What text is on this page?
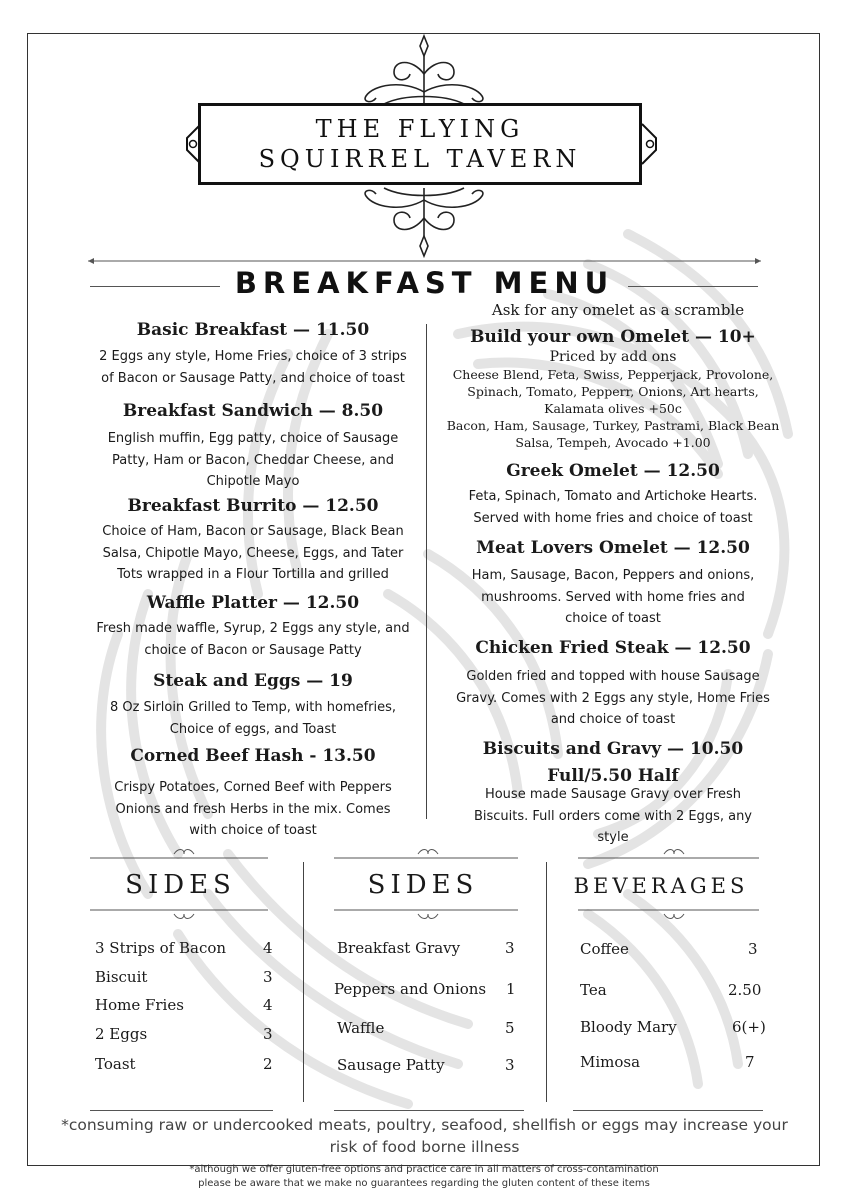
THE FLYING
SQUIRREL TAVERN
BREAKFAST MENU
Ask for any omelet as a scramble
Basic Breakfast — 11.50
2 Eggs any style, Home Fries, choice of 3 strips
of Bacon or Sausage Patty, and choice of toast
Breakfast Sandwich — 8.50
English muffin, Egg patty, choice of Sausage
Patty, Ham or Bacon, Cheddar Cheese, and
Chipotle Mayo
Breakfast Burrito — 12.50
Choice of Ham, Bacon or Sausage, Black Bean
Salsa, Chipotle Mayo, Cheese, Eggs, and Tater
Tots wrapped in a Flour Tortilla and grilled
Waffle Platter — 12.50
Fresh made waffle, Syrup, 2 Eggs any style, and
choice of Bacon or Sausage Patty
Steak and Eggs — 19
8 Oz Sirloin Grilled to Temp, with homefries,
Choice of eggs, and Toast
Corned Beef Hash - 13.50
Crispy Potatoes, Corned Beef with Peppers
Onions and fresh Herbs in the mix. Comes
with choice of toast
Build your own Omelet — 10+
Priced by add ons
Cheese Blend, Feta, Swiss, Pepperjack, Provolone,
Spinach, Tomato, Pepperr, Onions, Art hearts,
Kalamata olives +50c
Bacon, Ham, Sausage, Turkey, Pastrami, Black Bean
Salsa, Tempeh, Avocado +1.00
Greek Omelet — 12.50
Feta, Spinach, Tomato and Artichoke Hearts.
Served with home fries and choice of toast
Meat Lovers Omelet — 12.50
Ham, Sausage, Bacon, Peppers and onions,
mushrooms. Served with home fries and
choice of toast
Chicken Fried Steak — 12.50
Golden fried and topped with house Sausage
Gravy. Comes with 2 Eggs any style, Home Fries
and choice of toast
Biscuits and Gravy — 10.50
Full/5.50 Half
House made Sausage Gravy over Fresh
Biscuits. Full orders come with 2 Eggs, any
style
SIDES	SIDES	BEVERAGES
3 Strips of Bacon 4
Biscuit	3
Home Fries	4
2 Eggs	3
Toast	2
Breakfast Gravy	3
Peppers and Onions 1
Waffle	5
Sausage Patty	3
Coffee	3
Tea	2.50
Bloody Mary	6(+)
Mimosa	7
*consuming raw or undercooked meats, poultry, seafood, shellfish or eggs may increase your
risk of food borne illness
*although we offer gluten-free options and practice care in all matters of cross-contamination
please be aware that we make no guarantees regarding the gluten content of these items
